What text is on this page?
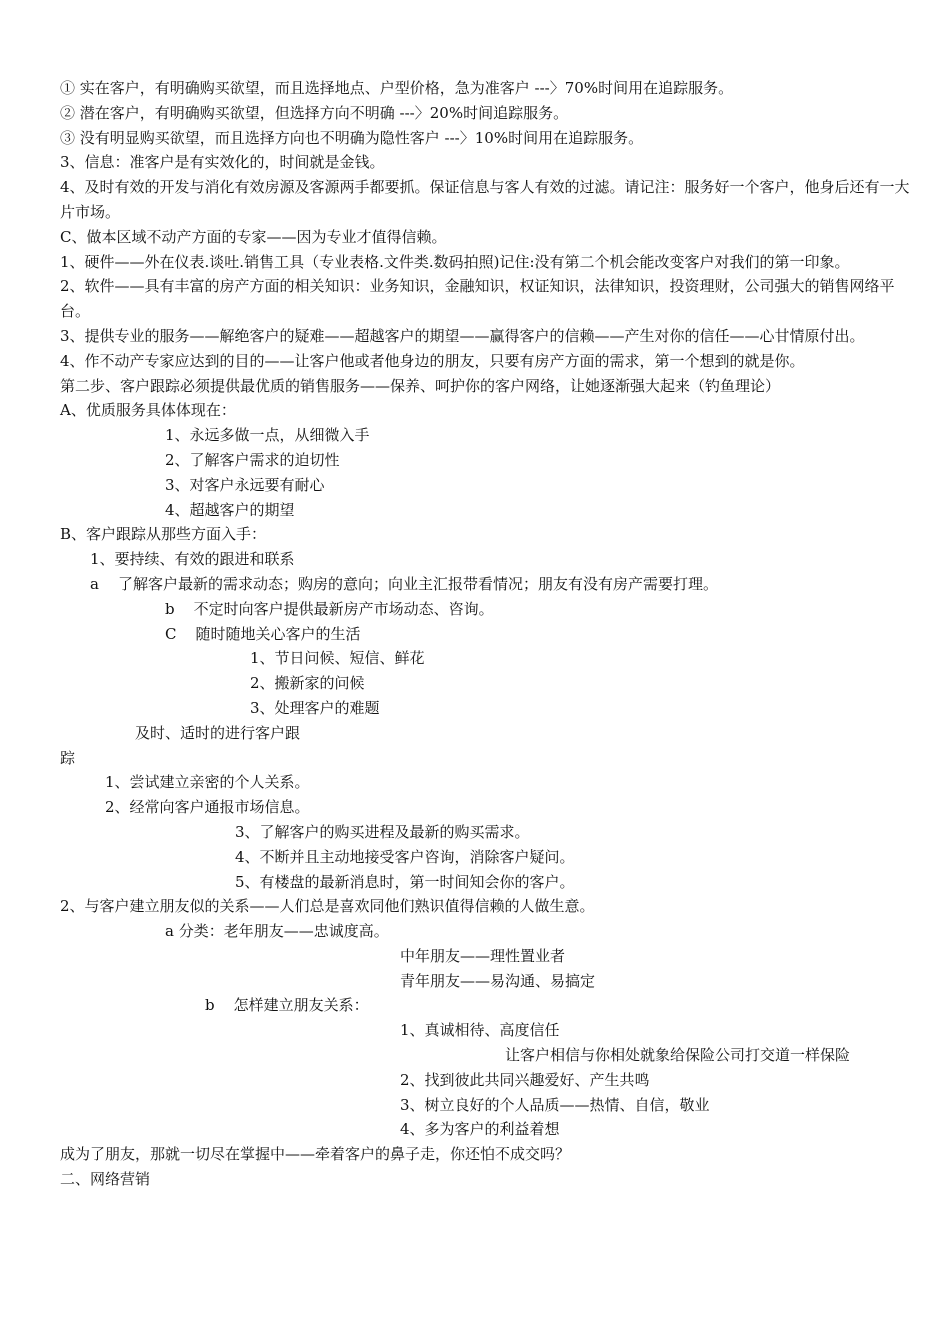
① 实在客户，有明确购买欲望，而且选择地点、户型价格，急为准客户 ---〉70%时间用在追踪服务。
② 潜在客户，有明确购买欲望，但选择方向不明确 ---〉20%时间追踪服务。
③ 没有明显购买欲望，而且选择方向也不明确为隐性客户 ---〉10%时间用在追踪服务。
3、信息：准客户是有实效化的，时间就是金钱。
4、及时有效的开发与消化有效房源及客源两手都要抓。保证信息与客人有效的过滤。请记注：服务好一个客户，他身后还有一大片市场。
C、做本区域不动产方面的专家——因为专业才值得信赖。
1、硬件——外在仪表.谈吐.销售工具（专业表格.文件类.数码拍照)记住:没有第二个机会能改变客户对我们的第一印象。
2、软件——具有丰富的房产方面的相关知识：业务知识，金融知识，权证知识，法律知识，投资理财，公司强大的销售网络平台。
3、提供专业的服务——解绝客户的疑难——超越客户的期望——赢得客户的信赖——产生对你的信任——心甘情原付出。
4、作不动产专家应达到的目的——让客户他或者他身边的朋友，只要有房产方面的需求，第一个想到的就是你。
第二步、客户跟踪必须提供最优质的销售服务——保养、呵护你的客户网络，让她逐渐强大起来（钓鱼理论）
A、优质服务具体体现在：
1、永远多做一点，从细微入手
2、了解客户需求的迫切性
3、对客户永远要有耐心
4、超越客户的期望
B、客户跟踪从那些方面入手：
1、要持续、有效的跟进和联系
a    了解客户最新的需求动态；购房的意向；向业主汇报带看情况；朋友有没有房产需要打理。
b    不定时向客户提供最新房产市场动态、咨询。
C    随时随地关心客户的生活
1、节日问候、短信、鲜花
2、搬新家的问候
3、处理客户的难题
及时、适时的进行客户跟
踪
1、尝试建立亲密的个人关系。
2、经常向客户通报市场信息。
3、了解客户的购买进程及最新的购买需求。
4、不断并且主动地接受客户咨询，消除客户疑问。
5、有楼盘的最新消息时，第一时间知会你的客户。
2、与客户建立朋友似的关系——人们总是喜欢同他们熟识值得信赖的人做生意。
a 分类：老年朋友——忠诚度高。
中年朋友——理性置业者
青年朋友——易沟通、易搞定
b    怎样建立朋友关系：
1、真诚相待、高度信任
让客户相信与你相处就象给保险公司打交道一样保险
2、找到彼此共同兴趣爱好、产生共鸣
3、树立良好的个人品质——热情、自信，敬业
4、多为客户的利益着想
成为了朋友，那就一切尽在掌握中——牵着客户的鼻子走，你还怕不成交吗？
二、网络营销
